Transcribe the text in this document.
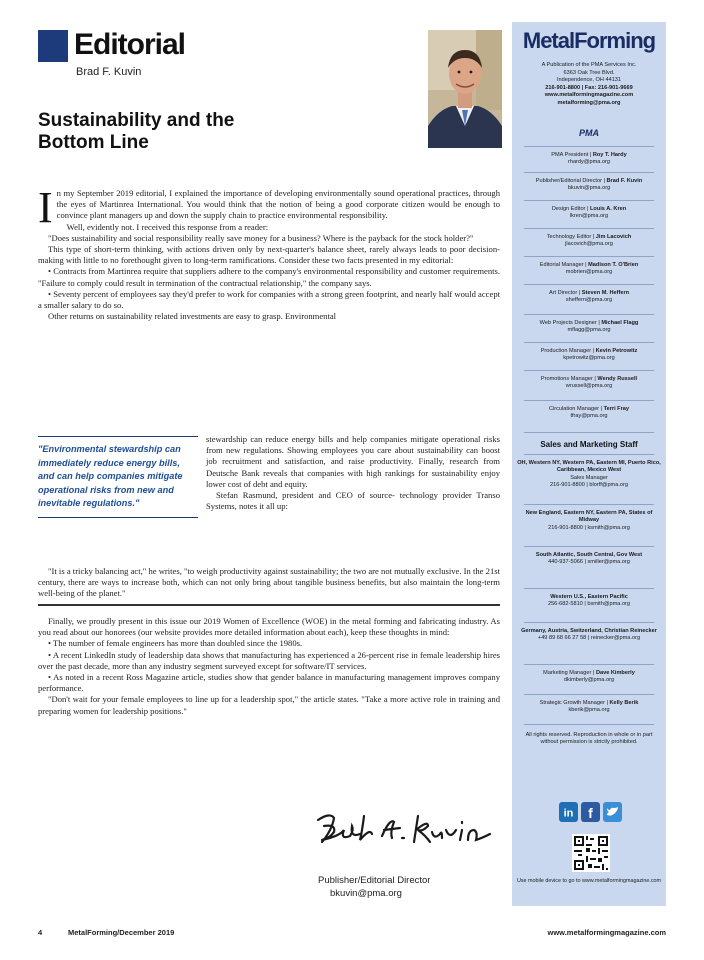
Editorial
Brad F. Kuvin
Sustainability and the
Bottom Line

In my September 2019 editorial, I explained the importance of developing environmentally sound operational practices, through the eyes of Martinrea International. You would think that the notion of being a good corporate citizen would be enough to convince plant managers up and down the supply chain to practice environmental responsibility.

Well, evidently not. I received this response from a reader:

"Does sustainability and social responsibility really save money for a business? Where is the payback for the stock holder?"

This type of short-term thinking, with actions driven only by next-quarter's balance sheet, rarely always leads to poor decision-making with little to no forethought given to long-term ramifications. Consider these two facts presented in my editorial:

• Contracts from Martinrea require that suppliers adhere to the company's environmental responsibility and customer requirements. "Failure to comply could result in termination of the contractual relationship," the company says.

• Seventy percent of employees say they'd prefer to work for companies with a strong green footprint, and nearly half would accept a smaller salary to do so.

Other returns on sustainability related investments are easy to grasp. Environmental

"Environmental stewardship can immediately reduce energy bills, and can help companies mitigate operational risks from new and inevitable regulations."

stewardship can reduce energy bills and help companies mitigate operational risks from new regulations. Showing employees you care about sustainability can boost job recruitment and satisfaction, and raise productivity. Finally, research from Deutsche Bank reveals that companies with high rankings for sustainability enjoy lower cost of debt and equity.

Stefan Rasmund, president and CEO of source- technology provider Transo Systems, notes it all up:

"It is a tricky balancing act," he writes, "to weigh productivity against sustainability; the two are not mutually exclusive. In the 21st century, there are ways to increase both, which can not only bring about tangible business benefits, but also maintain the long-term well-being of the planet."

Finally, we proudly present in this issue our 2019 Women of Excellence (WOE) in the metal forming and fabricating industry. As you read about our honorees (our website provides more detailed information about each), keep these thoughts in mind:

• The number of female engineers has more than doubled since the 1980s.

• A recent LinkedIn study of leadership data shows that manufacturing has experienced a 26-percent rise in female leadership hires over the past decade, more than any industry segment surveyed except for software/IT services.

• As noted in a recent Ross Magazine article, studies show that gender balance in manufacturing management improves company performance.

"Don't wait for your female employees to line up for a leadership spot," the article states. "Take a more active role in training and preparing women for leadership positions."

Publisher/Editorial Director
bkuvin@pma.org
4	MetalForming/December 2019	www.metalformingmagazine.com
MetalForming
A Publication of the PMA Services Inc.
6363 Oak Tree Blvd.
Independence, OH 44131
216-901-8800 | Fax: 216-901-9669
www.metalformingmagazine.com
metalforming@pma.org
PMA
PMA President | Roy T. Hardy
rhardy@pma.org
Publisher/Editorial Director | Brad F. Kuvin
bkuvin@pma.org
Design Editor | Louis A. Kren
lkren@pma.org
Technology Editor | Jim Lacovich
jlacovich@pma.org
Editorial Manager | Madison T. O'Brien
mobrien@pma.org
Art Director | Steven M. Heffern
sheffern@pma.org
Web Projects Designer | Michael Flagg
mflagg@pma.org
Production Manager | Kevin Petrowitz
kpetrowitz@pma.org
Promotions Manager | Wendy Russell
wrussell@pma.org
Circulation Manager | Terri Fray
tfray@pma.org
Sales and Marketing Staff
OH, Western NY, Western PA, Eastern MI, Puerto Rico, Caribbean, Mexico West
Sales Manager
216-901-8800 | blorff@pma.org
New England, Eastern NY, Eastern PA, States of Midway
216-901-8800 | ksmith@pma.org
South Atlantic, South Central, Gov West
440-937-5066 | smiller@pma.org
Western U.S., Eastern Pacific
256-682-5810 | bsmith@pma.org
Germany, Austria, Switzerland, Christian Reinecker
+49 89 68 66 27 58 | reinecker@pma.org
Marketing Manager | Dave Kimberly
dkimberly@pma.org
Strategic Growth Manager | Kelly Berik
kberik@pma.org
All rights reserved. Reproduction in whole or in part without permission is strictly prohibited.
in f
Use mobile device to go to www.metalformingmagazine.com
